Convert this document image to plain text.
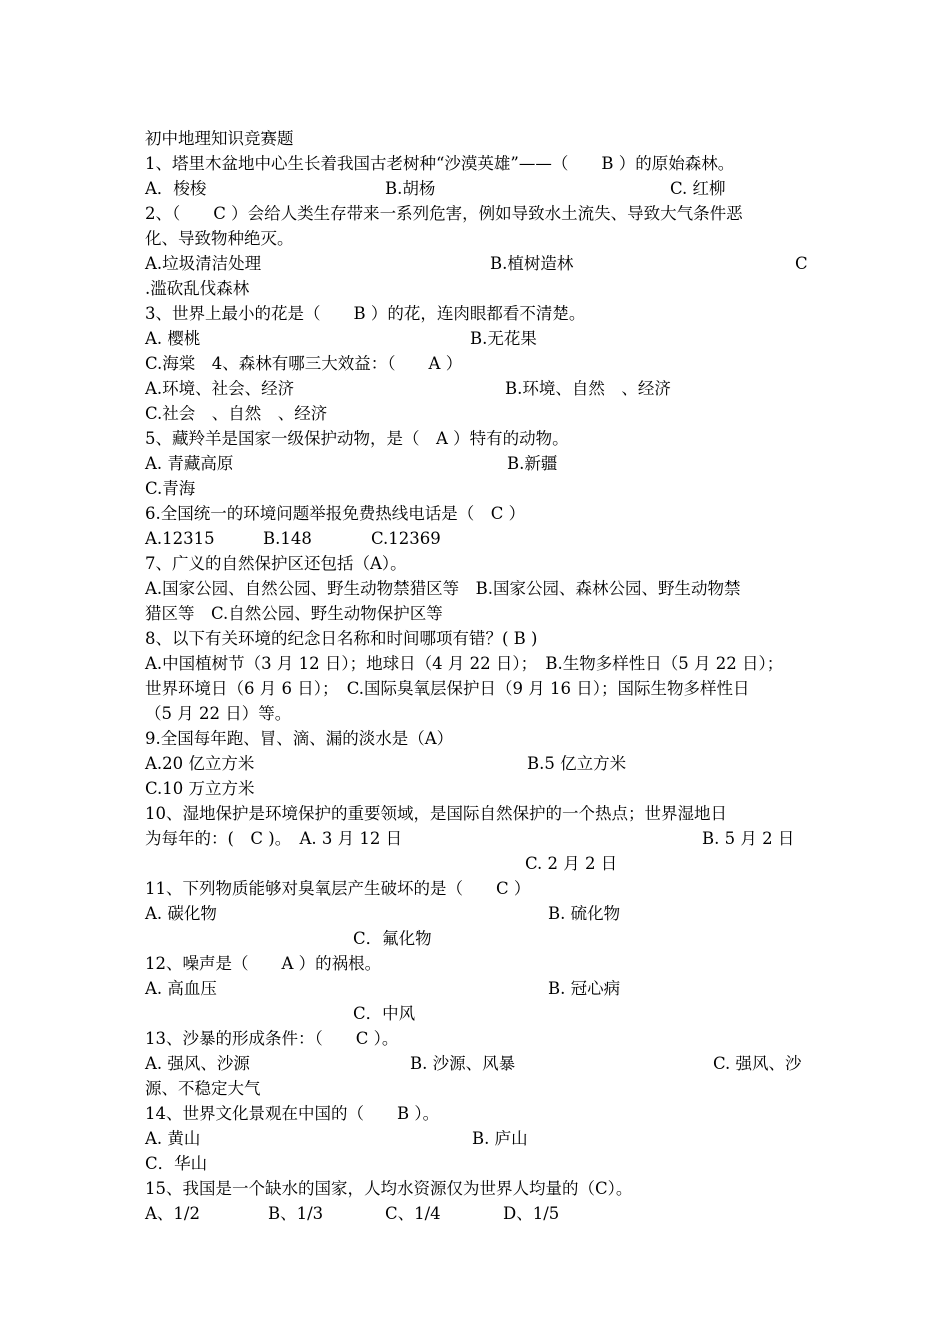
初中地理知识竞赛题
1、塔里木盆地中心生长着我国古老树种“沙漠英雄”——（　　B ）的原始森林。
A．梭梭	B.胡杨	C. 红柳
2、（　　C ）会给人类生存带来一系列危害，例如导致水土流失、导致大气条件恶
化、导致物种绝灭。
A.垃圾清洁处理	B.植树造林	C
.滥砍乱伐森林
3、世界上最小的花是（　　B ）的花，连肉眼都看不清楚。
A. 樱桃	B.无花果
C.海棠　4、森林有哪三大效益：（　　A ）
A.环境、社会、经济	B.环境、自然　、经济
C.社会　、自然　、经济
5、藏羚羊是国家一级保护动物，是（　A ）特有的动物。
A. 青藏高原	B.新疆
C.青海
6.全国统一的环境问题举报免费热线电话是（　C ）
A.12315	B.148	C.12369
7、广义的自然保护区还包括（A）。
A.国家公园、自然公园、野生动物禁猎区等　B.国家公园、森林公园、野生动物禁
猎区等　C.自然公园、野生动物保护区等
8、以下有关环境的纪念日名称和时间哪项有错？( B )
A.中国植树节（3 月 12 日）；地球日（4 月 22 日）；　B.生物多样性日（5 月 22 日）；
世界环境日（6 月 6 日）；　C.国际臭氧层保护日（9 月 16 日）；国际生物多样性日
（5 月 22 日）等。
9.全国每年跑、冒、滴、漏的淡水是（A）
A.20 亿立方米	B.5 亿立方米
C.10 万立方米
10、湿地保护是环境保护的重要领域，是国际自然保护的一个热点；世界湿地日
为每年的：(　C )。　A. 3 月 12 日	B. 5 月 2 日
C. 2 月 2 日
11、下列物质能够对臭氧层产生破坏的是（　　C ）
A. 碳化物	B. 硫化物
C．氟化物
12、噪声是（　　A ）的祸根。
A. 高血压	B. 冠心病
C．中风
13、沙暴的形成条件：（　　C ）。
A. 强风、沙源	B. 沙源、风暴	C. 强风、沙
源、不稳定大气
14、世界文化景观在中国的（　　B ）。
A. 黄山	B. 庐山
C．华山
15、我国是一个缺水的国家，人均水资源仅为世界人均量的（C）。
A、1/2	B、1/3	C、1/4	D、1/5
